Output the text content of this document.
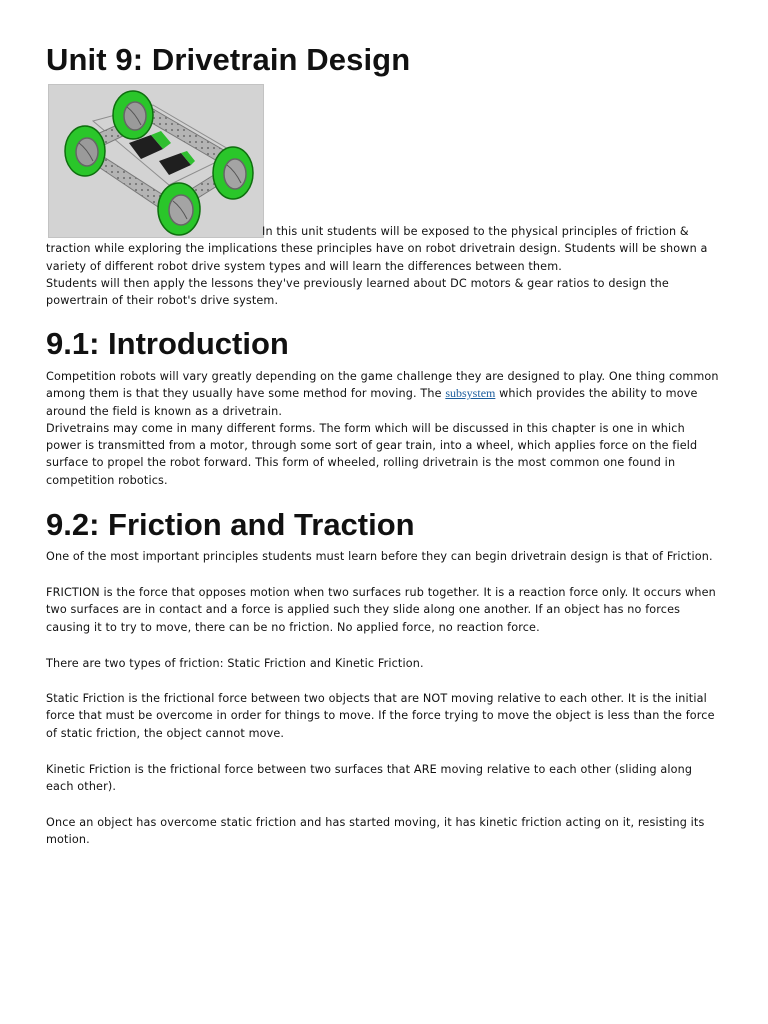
Unit 9: Drivetrain Design
In this unit students will be exposed to the physical principles of friction &
traction while exploring the implications these principles have on robot drivetrain design. Students will be shown a variety of different robot drive system types and will learn the differences between them.
Students will then apply the lessons they've previously learned about DC motors & gear ratios to design the powertrain of their robot's drive system.
9.1: Introduction
Competition robots will vary greatly depending on the game challenge they are designed to play. One thing common among them is that they usually have some method for moving. The subsystem which provides the ability to move around the field is known as a drivetrain.
Drivetrains may come in many different forms. The form which will be discussed in this chapter is one in which power is transmitted from a motor, through some sort of gear train, into a wheel, which applies force on the field surface to propel the robot forward. This form of wheeled, rolling drivetrain is the most common one found in competition robotics.
9.2: Friction and Traction
One of the most important principles students must learn before they can begin drivetrain design is that of Friction.
FRICTION is the force that opposes motion when two surfaces rub together. It is a reaction force only. It occurs when two surfaces are in contact and a force is applied such they slide along one another. If an object has no forces causing it to try to move, there can be no friction. No applied force, no reaction force.
There are two types of friction: Static Friction and Kinetic Friction.
Static Friction is the frictional force between two objects that are NOT moving relative to each other. It is the initial force that must be overcome in order for things to move. If the force trying to move the object is less than the force of static friction, the object cannot move.
Kinetic Friction is the frictional force between two surfaces that ARE moving relative to each other (sliding along each other).
Once an object has overcome static friction and has started moving, it has kinetic friction acting on it, resisting its motion.
